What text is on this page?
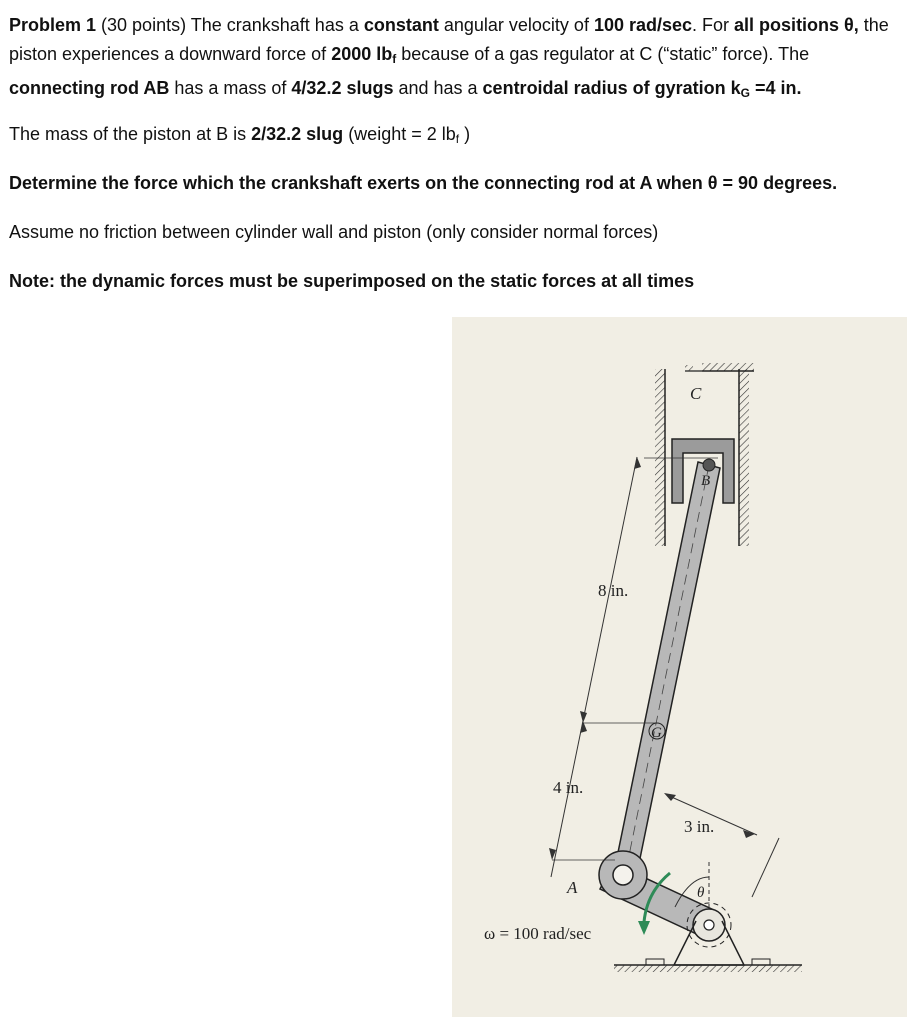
Problem 1 (30 points) The crankshaft has a constant angular velocity of 100 rad/sec. For all positions θ, the piston experiences a downward force of 2000 $lb_f$ because of a gas regulator at C (“static” force). The connecting rod AB has a mass of 4/32.2 slugs and has a centroidal radius of gyration $k_G =4$ in.

The mass of the piston at B is 2/32.2 slug (weight = 2 $lb_f$ )

Determine the force which the crankshaft exerts on the connecting rod at A when θ = 90 degrees.

Assume no friction between cylinder wall and piston (only consider normal forces)

Note: the dynamic forces must be superimposed on the static forces at all times

C
B
G
A	θ
8 in.
4 in.
3 in.
ω = 100 rad/sec
